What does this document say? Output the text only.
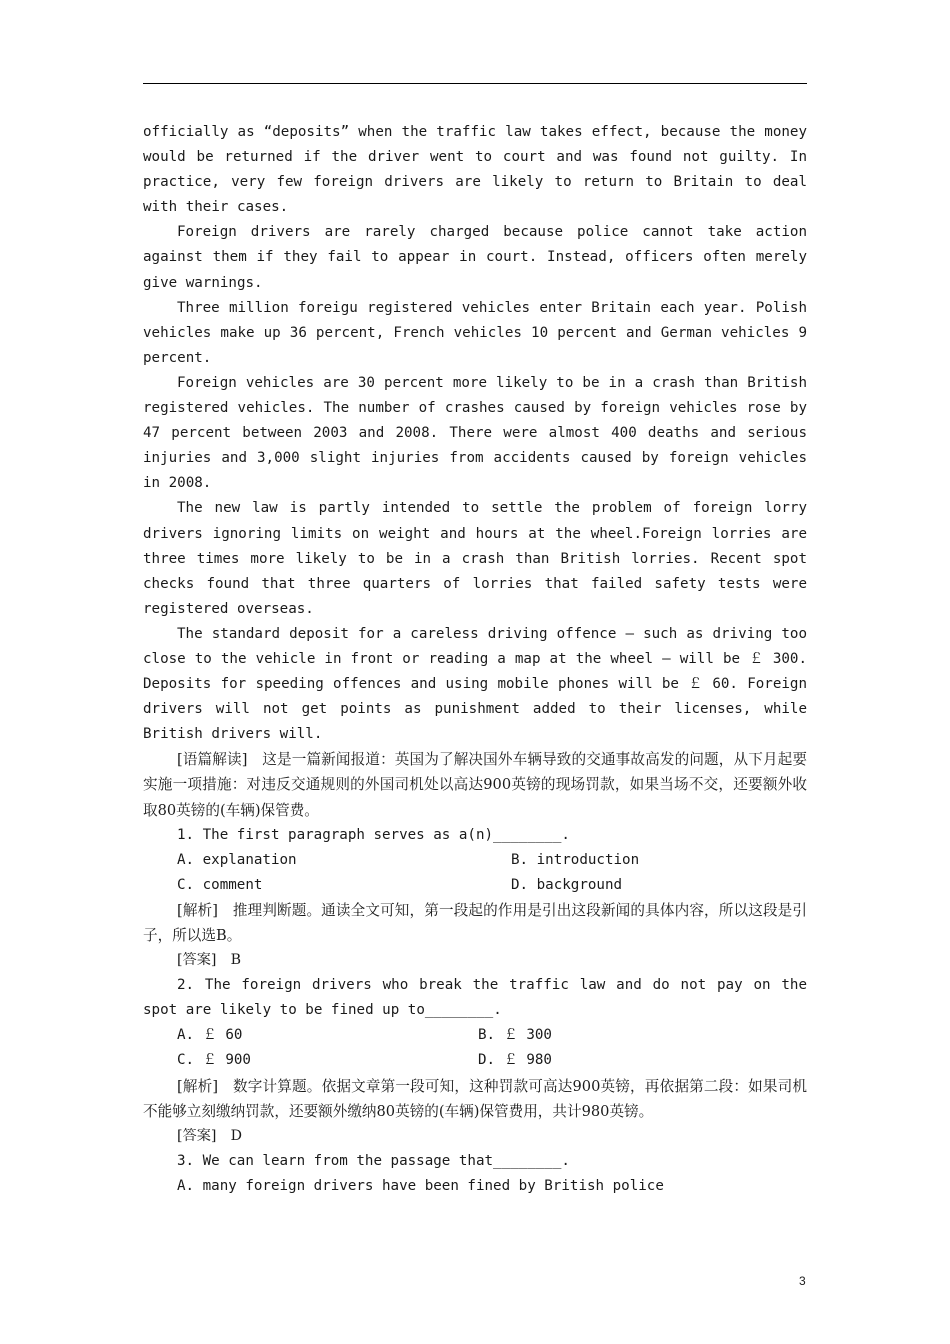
officially as “deposits” when the traffic law takes effect, because the money would be returned if the driver went to court and was found not guilty. In practice, very few foreign drivers are likely to return to Britain to deal with their cases.

Foreign drivers are rarely charged because police cannot take action against them if they fail to appear in court. Instead, officers often merely give warnings.

Three million foreigu registered vehicles enter Britain each year. Polish vehicles make up 36 percent, French vehicles 10 percent and German vehicles 9 percent.

Foreign vehicles are 30 percent more likely to be in a crash than British registered vehicles. The number of crashes caused by foreign vehicles rose by 47 percent between 2003 and 2008. There were almost 400 deaths and serious injuries and 3,000 slight injuries from accidents caused by foreign vehicles in 2008.

The new law is partly intended to settle the problem of foreign lorry drivers ignoring limits on weight and hours at the wheel.Foreign lorries are three times more likely to be in a crash than British lorries. Recent spot checks found that three quarters of lorries that failed safety tests were registered overseas.

The standard deposit for a careless driving offence — such as driving too close to the vehicle in front or reading a map at the wheel — will be ￡ 300. Deposits for speeding offences and using mobile phones will be ￡ 60. Foreign drivers will not get points as punishment added to their licenses, while British drivers will.

[语篇解读]　这是一篇新闻报道：英国为了解决国外车辆导致的交通事故高发的问题，从下月起要实施一项措施：对违反交通规则的外国司机处以高达900英镑的现场罚款，如果当场不交，还要额外收取80英镑的(车辆)保管费。

1. The first paragraph serves as a(n)________.

A. explanation	B. introduction
C. comment	D. background

[解析]　推理判断题。通读全文可知，第一段起的作用是引出这段新闻的具体内容，所以这段是引子，所以选B。

[答案]　B

2. The foreign drivers who break the traffic law and do not pay on the spot are likely to be fined up to________.

A. ￡ 60	B. ￡ 300
C. ￡ 900	D. ￡ 980

[解析]　数字计算题。依据文章第一段可知，这种罚款可高达900英镑，再依据第二段：如果司机不能够立刻缴纳罚款，还要额外缴纳80英镑的(车辆)保管费用，共计980英镑。

[答案]　D

3. We can learn from the passage that________.

A. many foreign drivers have been fined by British police

3
